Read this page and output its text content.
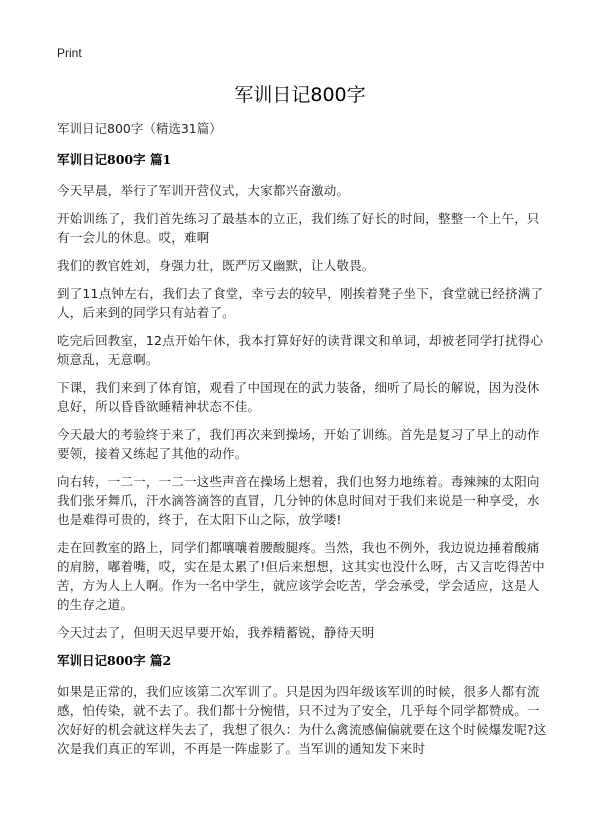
Print
军训日记800字

军训日记800字（精选31篇）

军训日记800字 篇1

今天早晨，举行了军训开营仪式，大家都兴奋激动。

开始训练了，我们首先练习了最基本的立正，我们练了好长的时间，整整一个上午，只有一会儿的休息。哎，难啊

我们的教官姓刘，身强力壮，既严厉又幽默，让人敬畏。

到了11点钟左右，我们去了食堂，幸亏去的较早，刚挨着凳子坐下，食堂就已经挤满了人，后来到的同学只有站着了。

吃完后回教室，12点开始午休，我本打算好好的读背课文和单词，却被老同学打扰得心烦意乱，无意啊。

下课，我们来到了体育馆，观看了中国现在的武力装备，细听了局长的解说，因为没休息好，所以昏昏欲睡精神状态不佳。

今天最大的考验终于来了，我们再次来到操场，开始了训练。首先是复习了早上的动作要领，接着又练起了其他的动作。

向右转，一二一，一二一这些声音在操场上想着，我们也努力地练着。毒辣辣的太阳向我们张牙舞爪，汗水滴答滴答的直冒，几分钟的休息时间对于我们来说是一种享受，水也是难得可贵的，终于，在太阳下山之际，放学喽!

走在回教室的路上，同学们都嚷嚷着腰酸腿疼。当然，我也不例外，我边说边捶着酸痛的肩膀，嘟着嘴，哎，实在是太累了!但后来想想，这其实也没什么呀，古又言吃得苦中苦，方为人上人啊。作为一名中学生，就应该学会吃苦，学会承受，学会适应，这是人的生存之道。

今天过去了，但明天迟早要开始，我养精蓄锐，静待天明

军训日记800字 篇2

如果是正常的，我们应该第二次军训了。只是因为四年级该军训的时候，很多人都有流感，怕传染，就不去了。我们都十分惋惜，只不过为了安全，几乎每个同学都赞成。一次好好的机会就这样失去了，我想了很久：为什么禽流感偏偏就要在这个时候爆发呢?这次是我们真正的军训，不再是一阵虚影了。当军训的通知发下来时
